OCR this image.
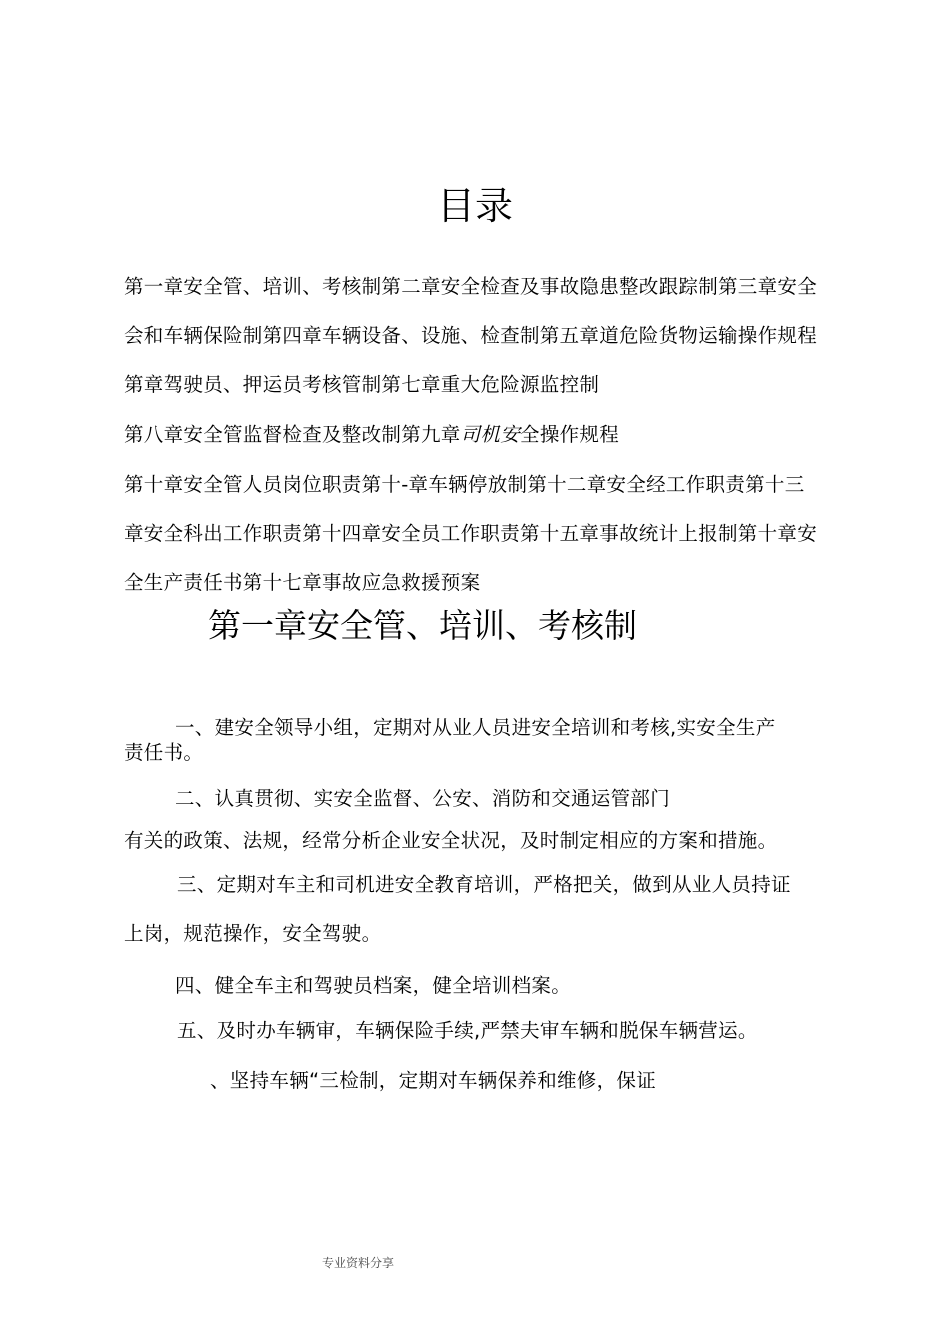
目录
第一章安全管、培训、考核制第二章安全检查及事故隐患整改跟踪制第三章安全
会和车辆保险制第四章车辆设备、设施、检查制第五章道危险货物运输操作规程
第章驾驶员、押运员考核管制第七章重大危险源监控制
第八章安全管监督检查及整改制第九章司机安全操作规程
第十章安全管人员岗位职责第十-章车辆停放制第十二章安全经工作职责第十三
章安全科出工作职责第十四章安全员工作职责第十五章事故统计上报制第十章安
全生产责任书第十七章事故应急救援预案
第一章安全管、培训、考核制
一、建安全领导小组，定期对从业人员进安全培训和考核,实安全生产
责任书。
二、认真贯彻、实安全监督、公安、消防和交通运管部门
有关的政策、法规，经常分析企业安全状况，及时制定相应的方案和措施。
三、定期对车主和司机进安全教育培训，严格把关，做到从业人员持证
上岗，规范操作，安全驾驶。
四、健全车主和驾驶员档案，健全培训档案。
五、及时办车辆审，车辆保险手续,严禁夫审车辆和脱保车辆营运。
、坚持车辆“三检制，定期对车辆保养和维修，保证
专业资料分享
